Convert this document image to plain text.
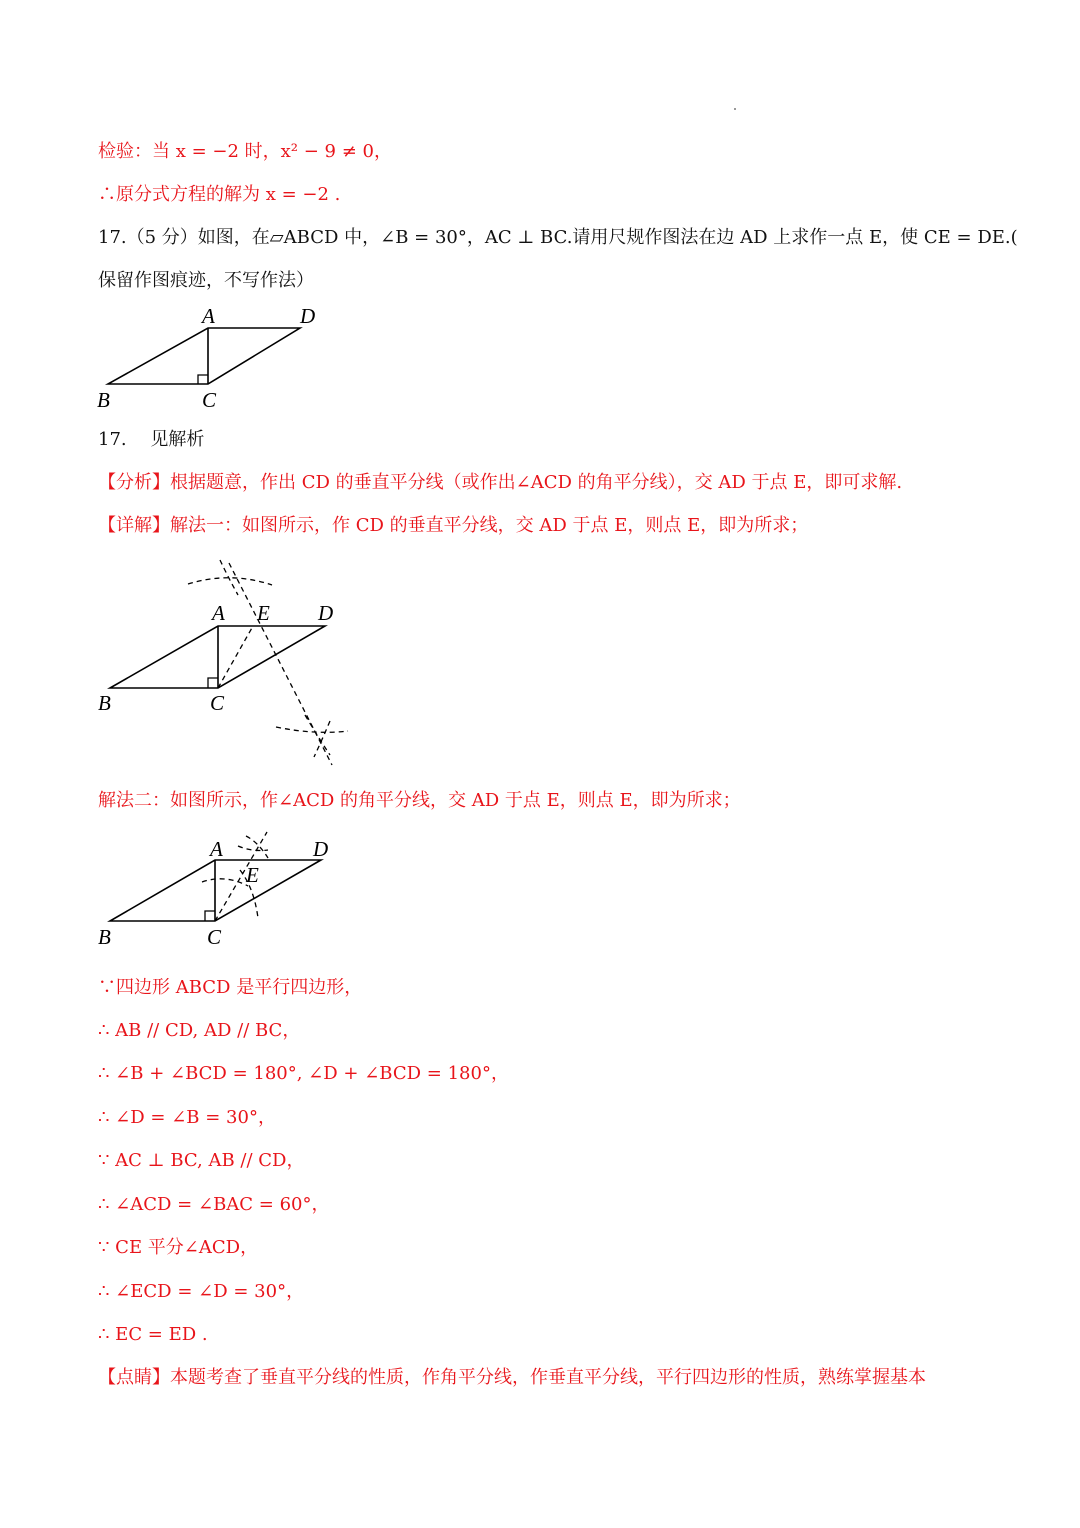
检验：当 x = −2 时，x² − 9 ≠ 0，
∴原分式方程的解为 x = −2 .
17.（5 分）如图，在▱ABCD 中，∠B = 30°，AC ⊥ BC.请用尺规作图法在边 AD 上求作一点 E，使 CE = DE.(
保留作图痕迹，不写作法）
A	D
B	C
17.　 见解析
【分析】根据题意，作出 CD 的垂直平分线（或作出∠ACD 的角平分线），交 AD 于点 E，即可求解.
【详解】解法一：如图所示，作 CD 的垂直平分线，交 AD 于点 E，则点 E，即为所求；
A E D
B	C
解法二：如图所示，作∠ACD 的角平分线，交 AD 于点 E，则点 E，即为所求；
A	D
E
B	C
∵四边形 ABCD 是平行四边形，
∴ AB // CD, AD // BC，
∴ ∠B + ∠BCD = 180°, ∠D + ∠BCD = 180°，
∴ ∠D = ∠B = 30°，
∵ AC ⊥ BC, AB // CD，
∴ ∠ACD = ∠BAC = 60°，
∵ CE 平分∠ACD，
∴ ∠ECD = ∠D = 30°，
∴ EC = ED .
【点睛】本题考查了垂直平分线的性质，作角平分线，作垂直平分线，平行四边形的性质，熟练掌握基本
